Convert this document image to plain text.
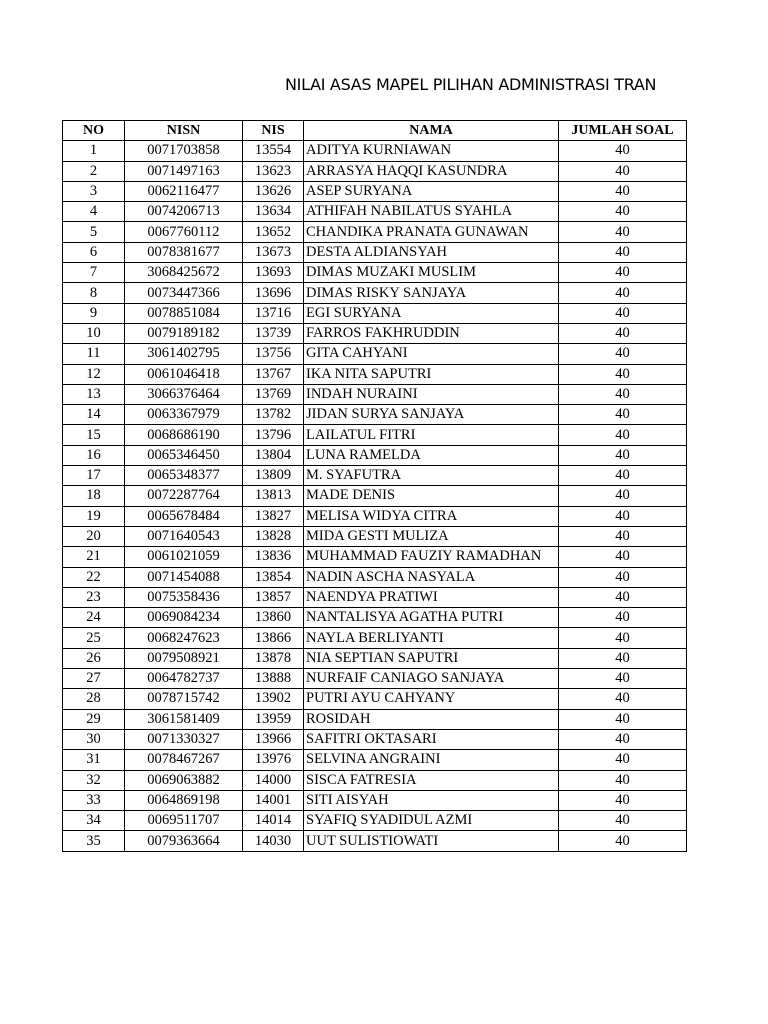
NILAI ASAS MAPEL PILIHAN ADMINISTRASI TRAN
NO	NISN	NIS	NAMA	JUMLAH SOAL
1	0071703858	13554	ADITYA KURNIAWAN	40
2	0071497163	13623	ARRASYA HAQQI KASUNDRA	40
3	0062116477	13626	ASEP SURYANA	40
4	0074206713	13634	ATHIFAH NABILATUS SYAHLA	40
5	0067760112	13652	CHANDIKA PRANATA GUNAWAN	40
6	0078381677	13673	DESTA ALDIANSYAH	40
7	3068425672	13693	DIMAS MUZAKI MUSLIM	40
8	0073447366	13696	DIMAS RISKY SANJAYA	40
9	0078851084	13716	EGI SURYANA	40
10	0079189182	13739	FARROS FAKHRUDDIN	40
11	3061402795	13756	GITA CAHYANI	40
12	0061046418	13767	IKA NITA SAPUTRI	40
13	3066376464	13769	INDAH NURAINI	40
14	0063367979	13782	JIDAN SURYA SANJAYA	40
15	0068686190	13796	LAILATUL FITRI	40
16	0065346450	13804	LUNA RAMELDA	40
17	0065348377	13809	M. SYAFUTRA	40
18	0072287764	13813	MADE DENIS	40
19	0065678484	13827	MELISA WIDYA CITRA	40
20	0071640543	13828	MIDA GESTI MULIZA	40
21	0061021059	13836	MUHAMMAD FAUZIY RAMADHAN	40
22	0071454088	13854	NADIN ASCHA NASYALA	40
23	0075358436	13857	NAENDYA PRATIWI	40
24	0069084234	13860	NANTALISYA AGATHA PUTRI	40
25	0068247623	13866	NAYLA BERLIYANTI	40
26	0079508921	13878	NIA SEPTIAN SAPUTRI	40
27	0064782737	13888	NURFAIF CANIAGO SANJAYA	40
28	0078715742	13902	PUTRI AYU CAHYANY	40
29	3061581409	13959	ROSIDAH	40
30	0071330327	13966	SAFITRI OKTASARI	40
31	0078467267	13976	SELVINA ANGRAINI	40
32	0069063882	14000	SISCA FATRESIA	40
33	0064869198	14001	SITI AISYAH	40
34	0069511707	14014	SYAFIQ SYADIDUL AZMI	40
35	0079363664	14030	UUT SULISTIOWATI	40
